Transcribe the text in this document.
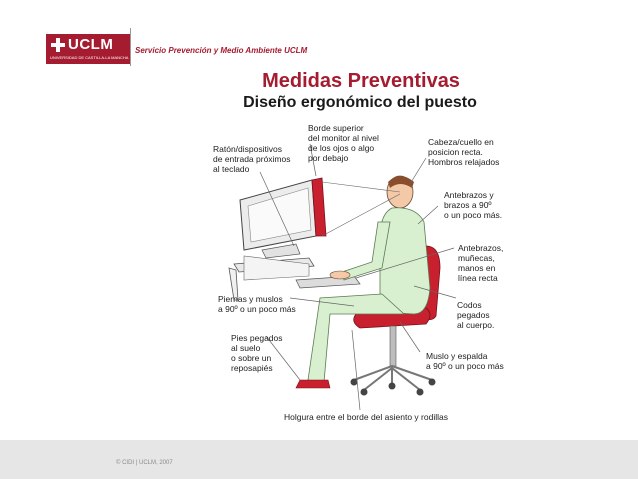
UCLM
UNIVERSIDAD DE CASTILLA-LA MANCHA
Servicio Prevención y Medio Ambiente UCLM
Medidas Preventivas
Diseño ergonómico del puesto
Borde superior
del monitor al nivel
de los ojos o algo
por debajo
Ratón/dispositivos
de entrada próximos
al teclado
Cabeza/cuello en
posicion recta.
Hombros relajados
Antebrazos y
brazos a 90º
o un poco más.
Antebrazos,
muñecas,
manos en
línea recta
Piernas y muslos
a 90º o un poco más	Codos
pegados
al cuerpo.
Pies pegados
al suelo
o sobre un
reposapiés
Muslo y espalda
a 90º o un poco más
Holgura entre el borde del asiento y rodillas
© CIDI | UCLM, 2007
